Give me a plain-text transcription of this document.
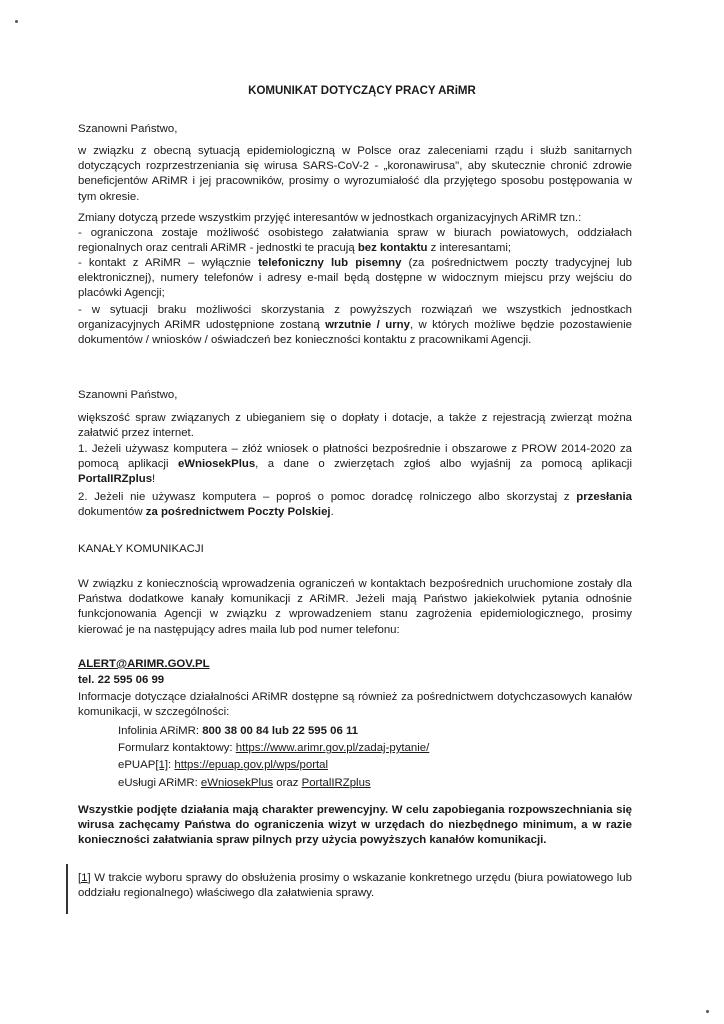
KOMUNIKAT DOTYCZĄCY PRACY ARiMR

Szanowni Państwo,

w związku z obecną sytuacją epidemiologiczną w Polsce oraz zaleceniami rządu i służb sanitarnych dotyczących rozprzestrzeniania się wirusa SARS-CoV-2 - „koronawirusa", aby skutecznie chronić zdrowie beneficjentów ARiMR i jej pracowników, prosimy o wyrozumiałość dla przyjętego sposobu postępowania w tym okresie.

Zmiany dotyczą przede wszystkim przyjęć interesantów w jednostkach organizacyjnych ARiMR tzn.:

- ograniczona zostaje możliwość osobistego załatwiania spraw w biurach powiatowych, oddziałach regionalnych oraz centrali ARiMR - jednostki te pracują bez kontaktu z interesantami;

- kontakt z ARiMR – wyłącznie telefoniczny lub pisemny (za pośrednictwem poczty tradycyjnej lub elektronicznej), numery telefonów i adresy e-mail będą dostępne w widocznym miejscu przy wejściu do placówki Agencji;

- w sytuacji braku możliwości skorzystania z powyższych rozwiązań we wszystkich jednostkach organizacyjnych ARiMR udostępnione zostaną wrzutnie / urny, w których możliwe będzie pozostawienie dokumentów / wniosków / oświadczeń bez konieczności kontaktu z pracownikami Agencji.

Szanowni Państwo,

większość spraw związanych z ubieganiem się o dopłaty i dotacje, a także z rejestracją zwierząt można załatwić przez internet.

1. Jeżeli używasz komputera – złóż wniosek o płatności bezpośrednie i obszarowe z PROW 2014-2020 za pomocą aplikacji eWniosekPlus, a dane o zwierzętach zgłoś albo wyjaśnij za pomocą aplikacji PortalIRZplus!

2. Jeżeli nie używasz komputera – poproś o pomoc doradcę rolniczego albo skorzystaj z przesłania dokumentów za pośrednictwem Poczty Polskiej.

KANAŁY KOMUNIKACJI

W związku z koniecznością wprowadzenia ograniczeń w kontaktach bezpośrednich uruchomione zostały dla Państwa dodatkowe kanały komunikacji z ARiMR. Jeżeli mają Państwo jakiekolwiek pytania odnośnie funkcjonowania Agencji w związku z wprowadzeniem stanu zagrożenia epidemiologicznego, prosimy kierować je na następujący adres maila lub pod numer telefonu:

ALERT@ARIMR.GOV.PL

tel. 22 595 06 99

Informacje dotyczące działalności ARiMR dostępne są również za pośrednictwem dotychczasowych kanałów komunikacji, w szczególności:

Infolinia ARiMR: 800 38 00 84 lub 22 595 06 11

Formularz kontaktowy: https://www.arimr.gov.pl/zadaj-pytanie/

ePUAP[1]: https://epuap.gov.pl/wps/portal

eUsługi ARiMR: eWniosekPlus oraz PortalIRZplus

Wszystkie podjęte działania mają charakter prewencyjny. W celu zapobiegania rozpowszechniania się wirusa zachęcamy Państwa do ograniczenia wizyt w urzędach do niezbędnego minimum, a w razie konieczności załatwiania spraw pilnych przy użycia powyższych kanałów komunikacji.

[1] W trakcie wyboru sprawy do obsłużenia prosimy o wskazanie konkretnego urzędu (biura powiatowego lub oddziału regionalnego) właściwego dla załatwienia sprawy.
